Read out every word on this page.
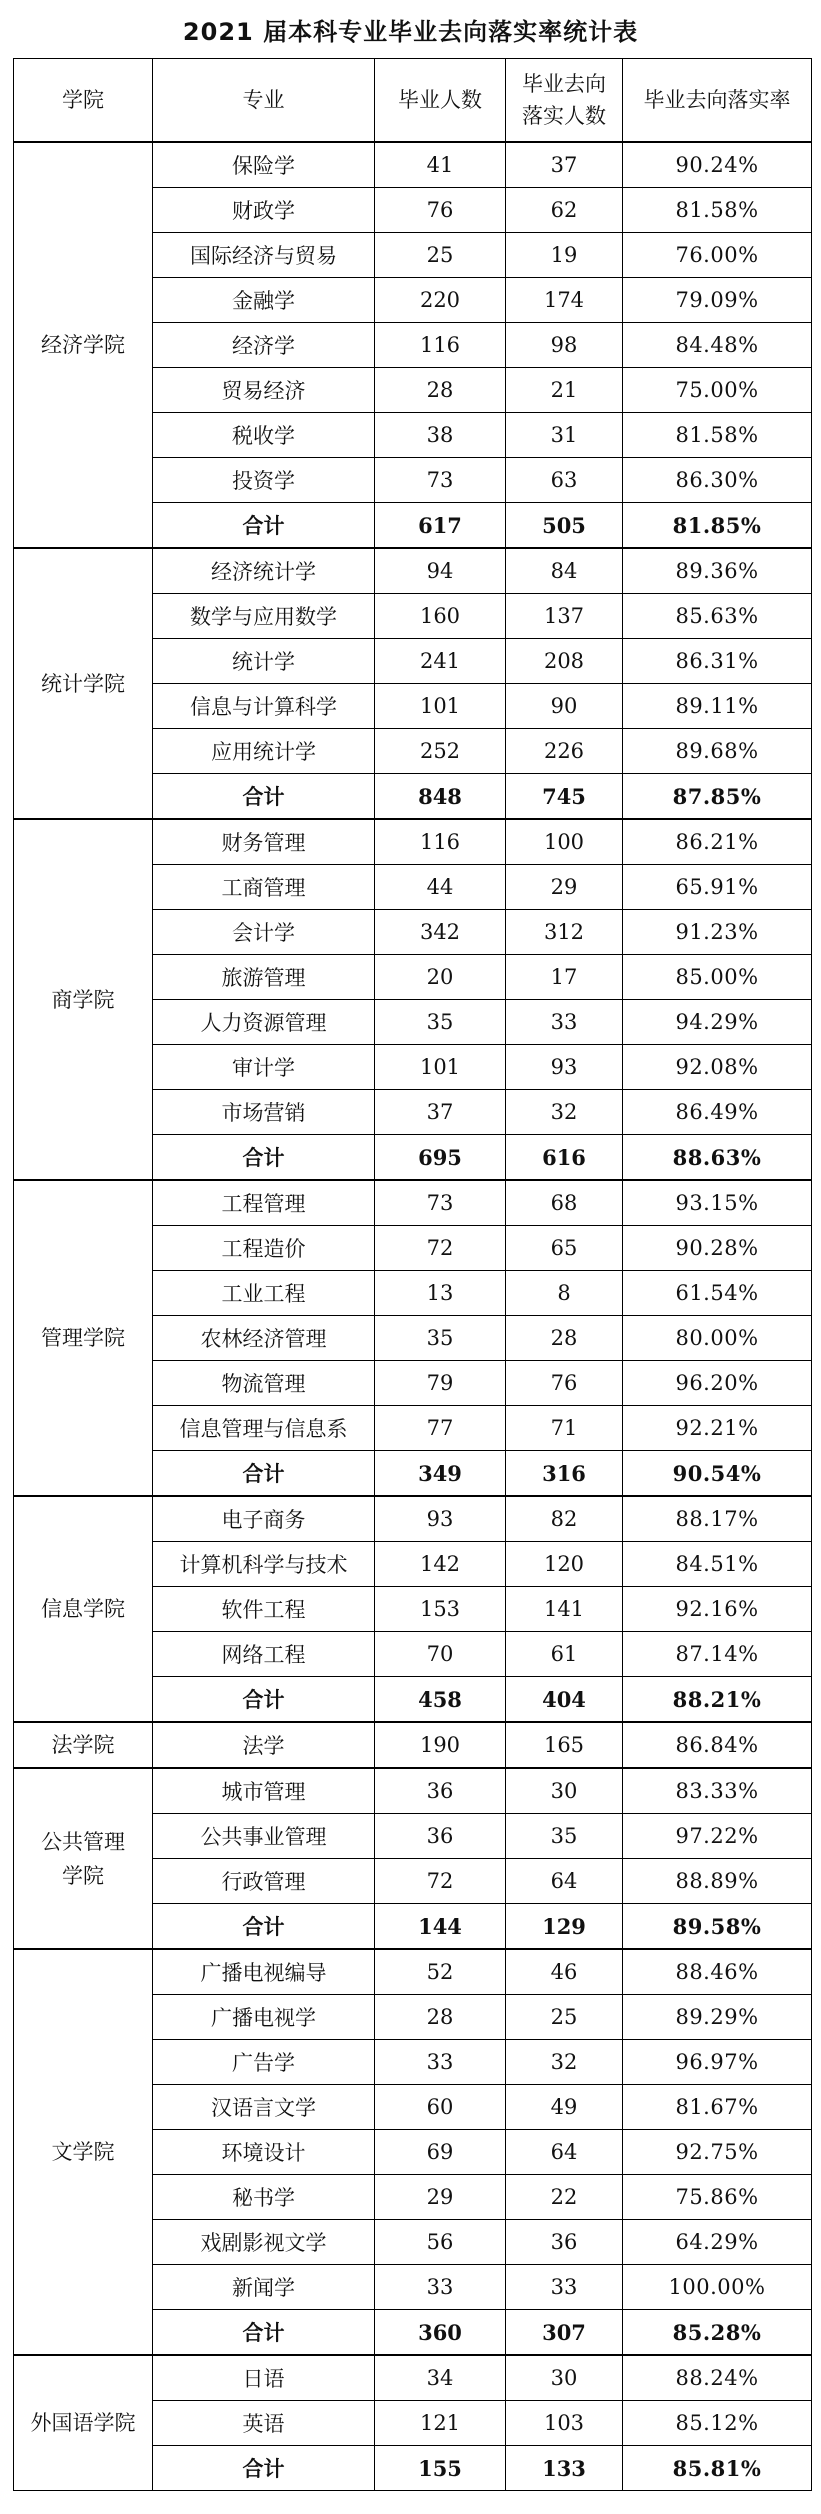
2021 届本科专业毕业去向落实率统计表
学院	专业	毕业人数	毕业去向
落实人数	毕业去向落实率
经济学院	保险学	41	37	90.24%
	财政学	76	62	81.58%
	国际经济与贸易	25	19	76.00%
	金融学	220	174	79.09%
	经济学	116	98	84.48%
	贸易经济	28	21	75.00%
	税收学	38	31	81.58%
	投资学	73	63	86.30%
	合计	617	505	81.85%
统计学院	经济统计学	94	84	89.36%
	数学与应用数学	160	137	85.63%
	统计学	241	208	86.31%
	信息与计算科学	101	90	89.11%
	应用统计学	252	226	89.68%
	合计	848	745	87.85%
商学院	财务管理	116	100	86.21%
	工商管理	44	29	65.91%
	会计学	342	312	91.23%
	旅游管理	20	17	85.00%
	人力资源管理	35	33	94.29%
	审计学	101	93	92.08%
	市场营销	37	32	86.49%
	合计	695	616	88.63%
管理学院	工程管理	73	68	93.15%
	工程造价	72	65	90.28%
	工业工程	13	8	61.54%
	农林经济管理	35	28	80.00%
	物流管理	79	76	96.20%
	信息管理与信息系	77	71	92.21%
	合计	349	316	90.54%
信息学院	电子商务	93	82	88.17%
	计算机科学与技术	142	120	84.51%
	软件工程	153	141	92.16%
	网络工程	70	61	87.14%
	合计	458	404	88.21%
法学院	法学	190	165	86.84%
公共管理
学院	城市管理	36	30	83.33%
	公共事业管理	36	35	97.22%
	行政管理	72	64	88.89%
	合计	144	129	89.58%
文学院	广播电视编导	52	46	88.46%
	广播电视学	28	25	89.29%
	广告学	33	32	96.97%
	汉语言文学	60	49	81.67%
	环境设计	69	64	92.75%
	秘书学	29	22	75.86%
	戏剧影视文学	56	36	64.29%
	新闻学	33	33	100.00%
	合计	360	307	85.28%
外国语学院	日语	34	30	88.24%
	英语	121	103	85.12%
	合计	155	133	85.81%
